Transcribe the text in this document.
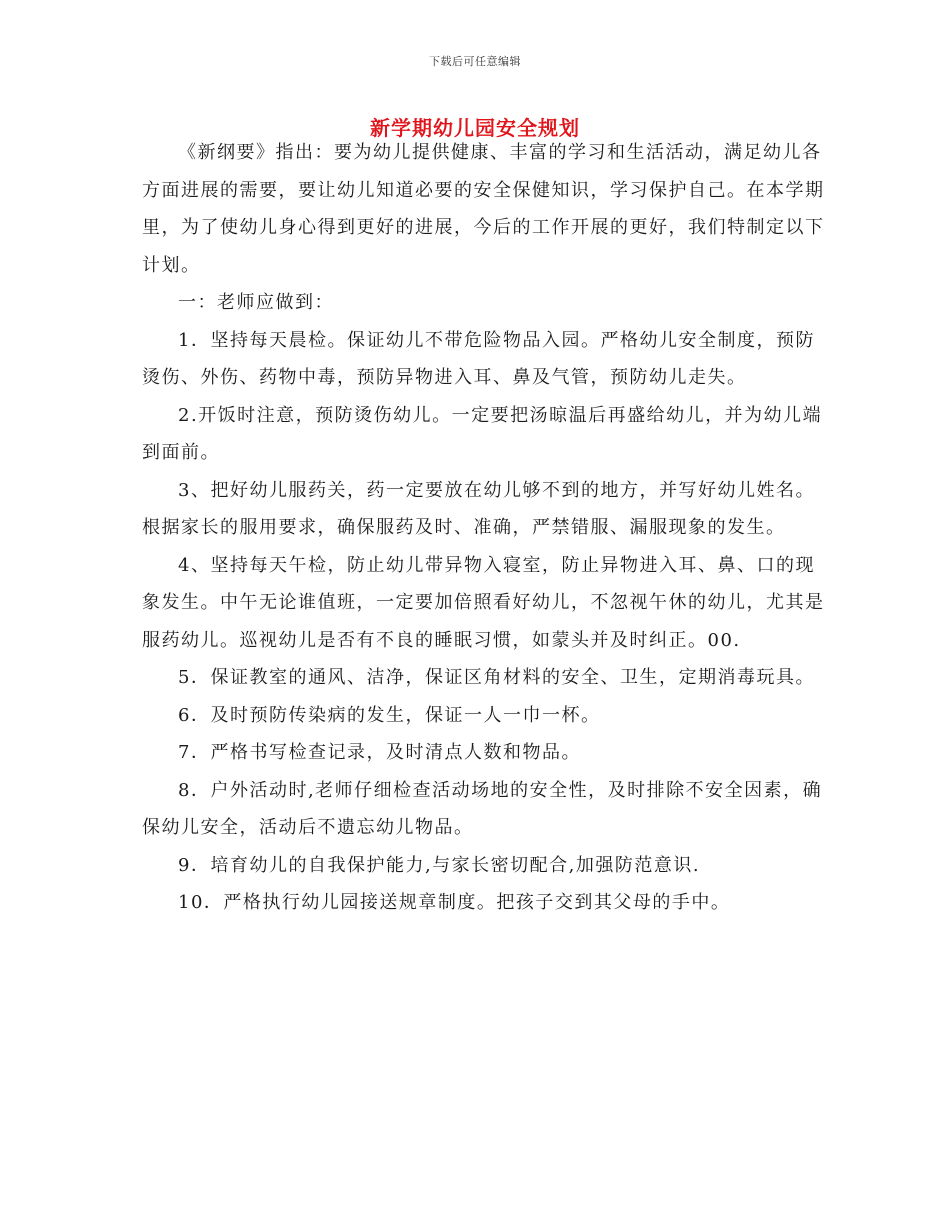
下载后可任意编辑
新学期幼儿园安全规划

《新纲要》指出：要为幼儿提供健康、丰富的学习和生活活动，满足幼儿各方面进展的需要，要让幼儿知道必要的安全保健知识，学习保护自己。在本学期里，为了使幼儿身心得到更好的进展，今后的工作开展的更好，我们特制定以下计划。

一：老师应做到：

1．坚持每天晨检。保证幼儿不带危险物品入园。严格幼儿安全制度，预防烫伤、外伤、药物中毒，预防异物进入耳、鼻及气管，预防幼儿走失。

2.开饭时注意，预防烫伤幼儿。一定要把汤晾温后再盛给幼儿，并为幼儿端到面前。

3、把好幼儿服药关，药一定要放在幼儿够不到的地方，并写好幼儿姓名。根据家长的服用要求，确保服药及时、准确，严禁错服、漏服现象的发生。

4、坚持每天午检，防止幼儿带异物入寝室，防止异物进入耳、鼻、口的现象发生。中午无论谁值班，一定要加倍照看好幼儿，不忽视午休的幼儿，尤其是服药幼儿。巡视幼儿是否有不良的睡眠习惯，如蒙头并及时纠正。00.

5．保证教室的通风、洁净，保证区角材料的安全、卫生，定期消毒玩具。

6．及时预防传染病的发生，保证一人一巾一杯。

7．严格书写检查记录，及时清点人数和物品。

8．户外活动时,老师仔细检查活动场地的安全性，及时排除不安全因素，确保幼儿安全，活动后不遗忘幼儿物品。

9．培育幼儿的自我保护能力,与家长密切配合,加强防范意识.

10．严格执行幼儿园接送规章制度。把孩子交到其父母的手中。
